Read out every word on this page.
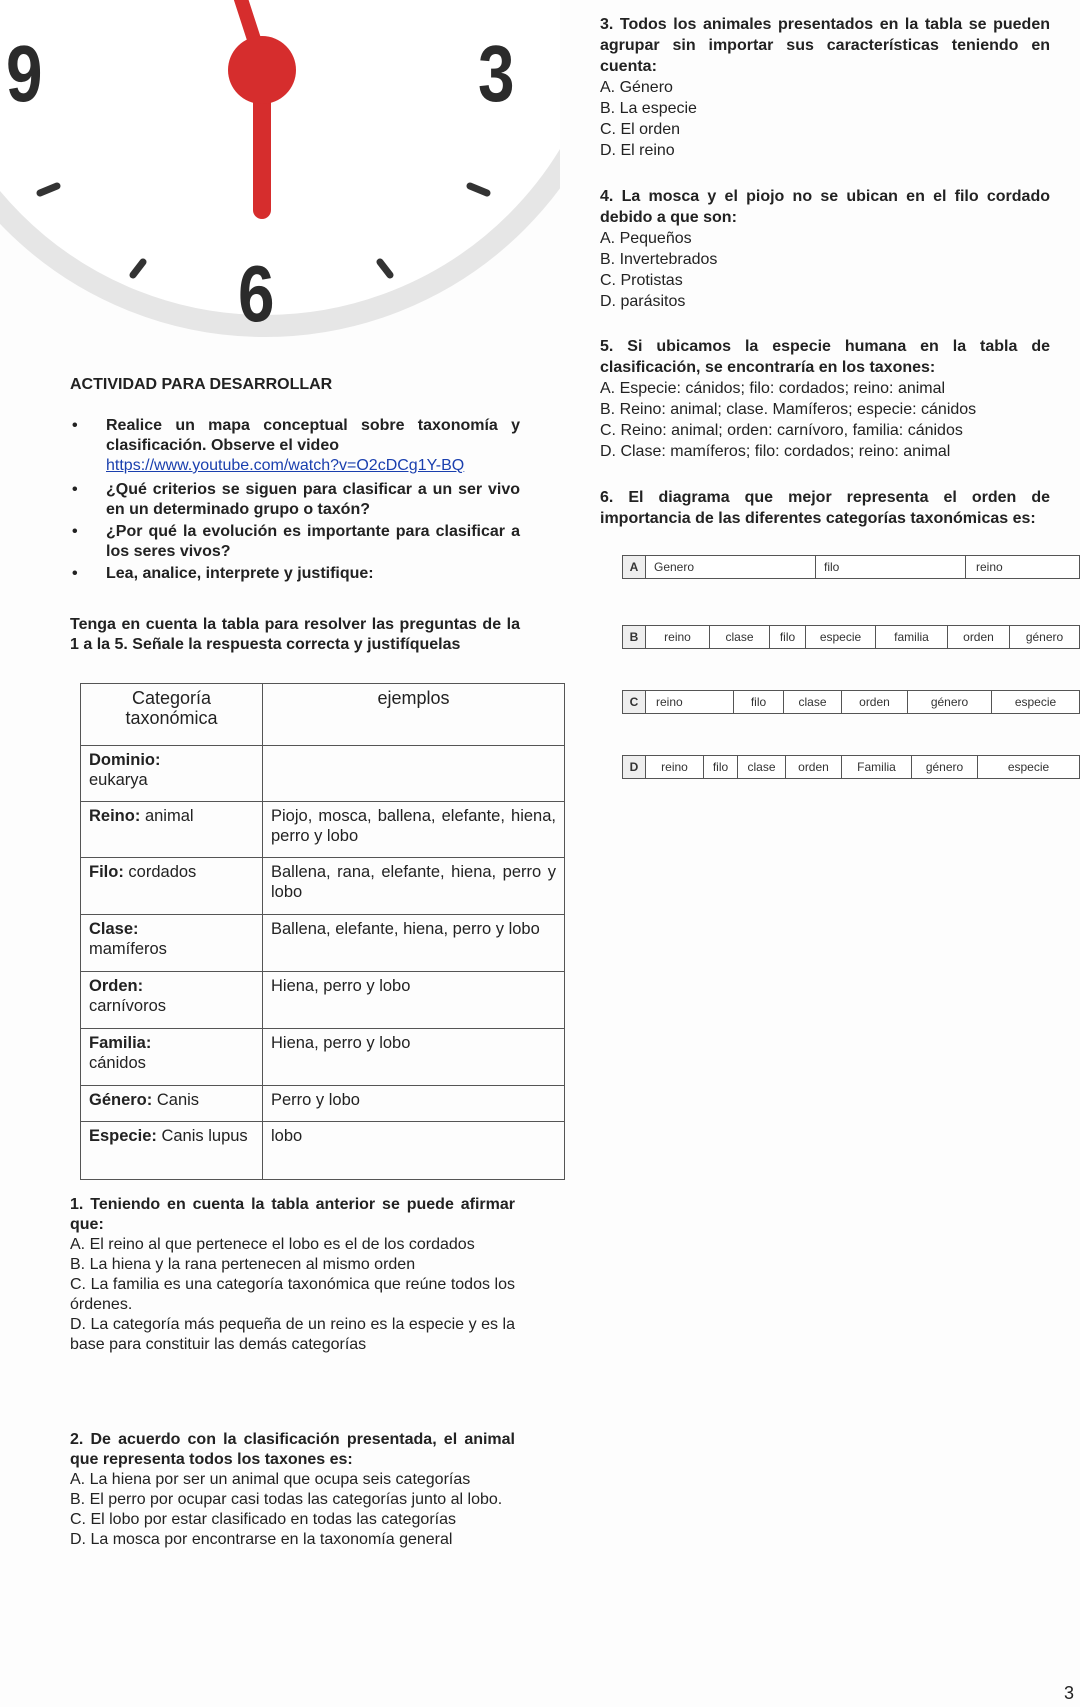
9	3
6
ACTIVIDAD PARA DESARROLLAR
• Realice un mapa conceptual sobre taxonomía y clasificación. Observe el video
https://www.youtube.com/watch?v=O2cDCg1Y-BQ
• ¿Qué criterios se siguen para clasificar a un ser vivo en un determinado grupo o taxón?
• ¿Por qué la evolución es importante para clasificar a los seres vivos?
• Lea, analice, interprete y justifique:
Tenga en cuenta la tabla para resolver las preguntas de la 1 a la 5. Señale la respuesta correcta y justifíquelas
Categoría taxonómica	ejemplos
Dominio:
eukarya	
Reino: animal	Piojo, mosca, ballena, elefante, hiena, perro y lobo
Filo: cordados	Ballena, rana, elefante, hiena, perro y lobo
Clase:
mamíferos	Ballena, elefante, hiena, perro y lobo
Orden:
carnívoros	Hiena, perro y lobo
Familia:
cánidos	Hiena, perro y lobo
Género: Canis	Perro y lobo
Especie: Canis lupus	lobo
1. Teniendo en cuenta la tabla anterior se puede afirmar que:
A. El reino al que pertenece el lobo es el de los cordados
B. La hiena y la rana pertenecen al mismo orden
C. La familia es una categoría taxonómica que reúne todos los órdenes.
D. La categoría más pequeña de un reino es la especie y es la base para constituir las demás categorías
2. De acuerdo con la clasificación presentada, el animal que representa todos los taxones es:
A. La hiena por ser un animal que ocupa seis categorías
B. El perro por ocupar casi todas las categorías junto al lobo.
C. El lobo por estar clasificado en todas las categorías
D. La mosca por encontrarse en la taxonomía general
3. Todos los animales presentados en la tabla se pueden agrupar sin importar sus características teniendo en cuenta:
A. Género
B. La especie
C. El orden
D. El reino
4. La mosca y el piojo no se ubican en el filo cordado debido a que son:
A. Pequeños
B. Invertebrados
C. Protistas
D. parásitos
5. Si ubicamos la especie humana en la tabla de clasificación, se encontraría en los taxones:
A. Especie: cánidos; filo: cordados; reino: animal
B. Reino: animal; clase. Mamíferos; especie: cánidos
C. Reino: animal; orden: carnívoro, familia: cánidos
D. Clase: mamíferos; filo: cordados; reino: animal
6. El diagrama que mejor representa el orden de importancia de las diferentes categorías taxonómicas es:
A	Genero	filo	reino
B	reino	clase	filo	especie	familia	orden	género
C	reino	filo	clase	orden	género	especie
D	reino	filo	clase	orden	Familia	género	especie
3
